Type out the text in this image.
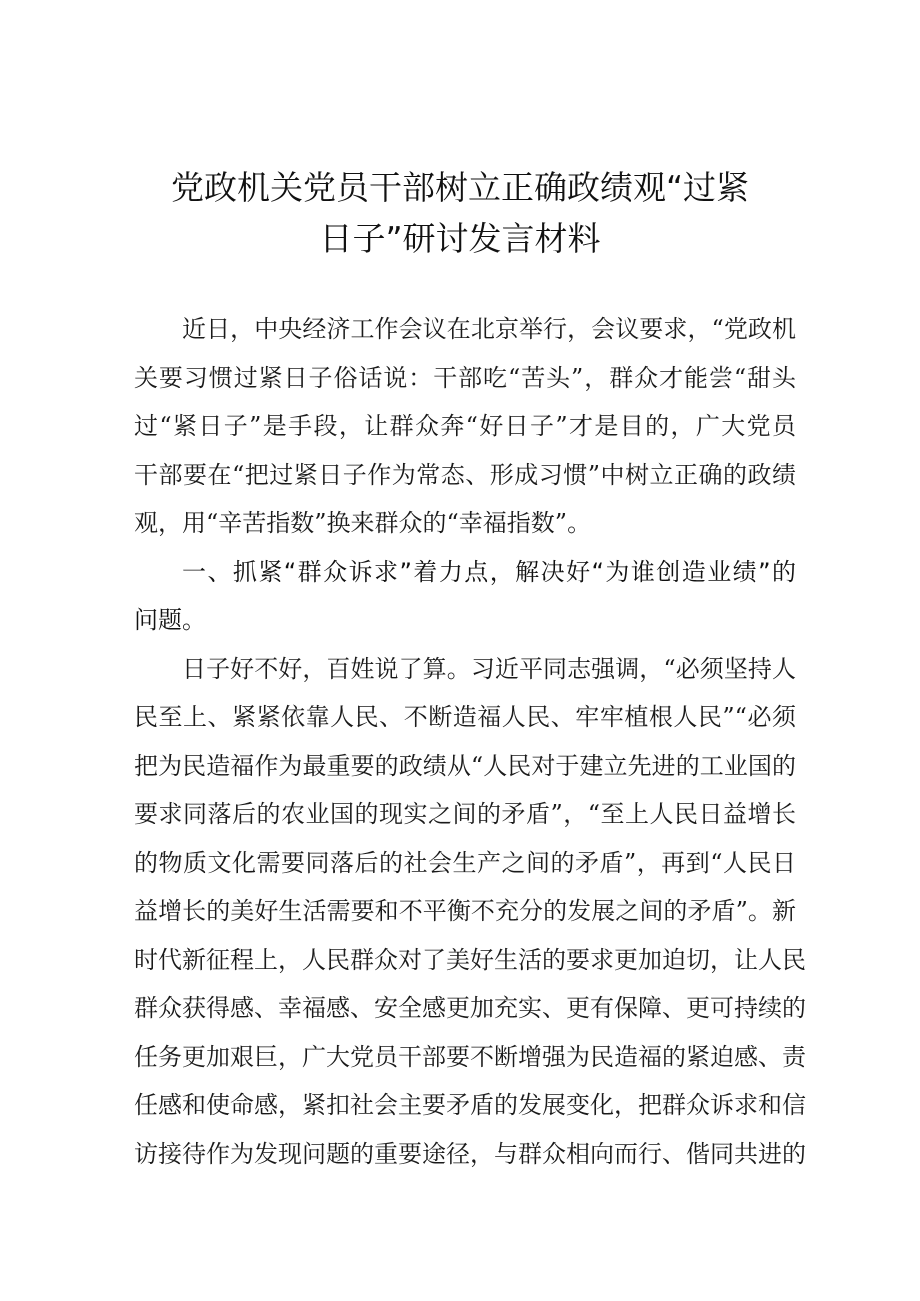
党政机关党员干部树立正确政绩观“过紧
日子”研讨发言材料

近日，中央经济工作会议在北京举行，会议要求，“党政机
关要习惯过紧日子俗话说：干部吃“苦头”，群众才能尝“甜头
过“紧日子”是手段，让群众奔“好日子”才是目的，广大党员
干部要在“把过紧日子作为常态、形成习惯”中树立正确的政绩
观，用“辛苦指数”换来群众的“幸福指数”。

一、抓紧“群众诉求”着力点，解决好“为谁创造业绩”的
问题。

日子好不好，百姓说了算。习近平同志强调，“必须坚持人
民至上、紧紧依靠人民、不断造福人民、牢牢植根人民”“必须
把为民造福作为最重要的政绩从“人民对于建立先进的工业国的
要求同落后的农业国的现实之间的矛盾”，“至上人民日益增长
的物质文化需要同落后的社会生产之间的矛盾”，再到“人民日
益增长的美好生活需要和不平衡不充分的发展之间的矛盾”。新
时代新征程上，人民群众对了美好生活的要求更加迫切，让人民
群众获得感、幸福感、安全感更加充实、更有保障、更可持续的
任务更加艰巨，广大党员干部要不断增强为民造福的紧迫感、责
任感和使命感，紧扣社会主要矛盾的发展变化，把群众诉求和信
访接待作为发现问题的重要途径，与群众相向而行、偕同共进的
